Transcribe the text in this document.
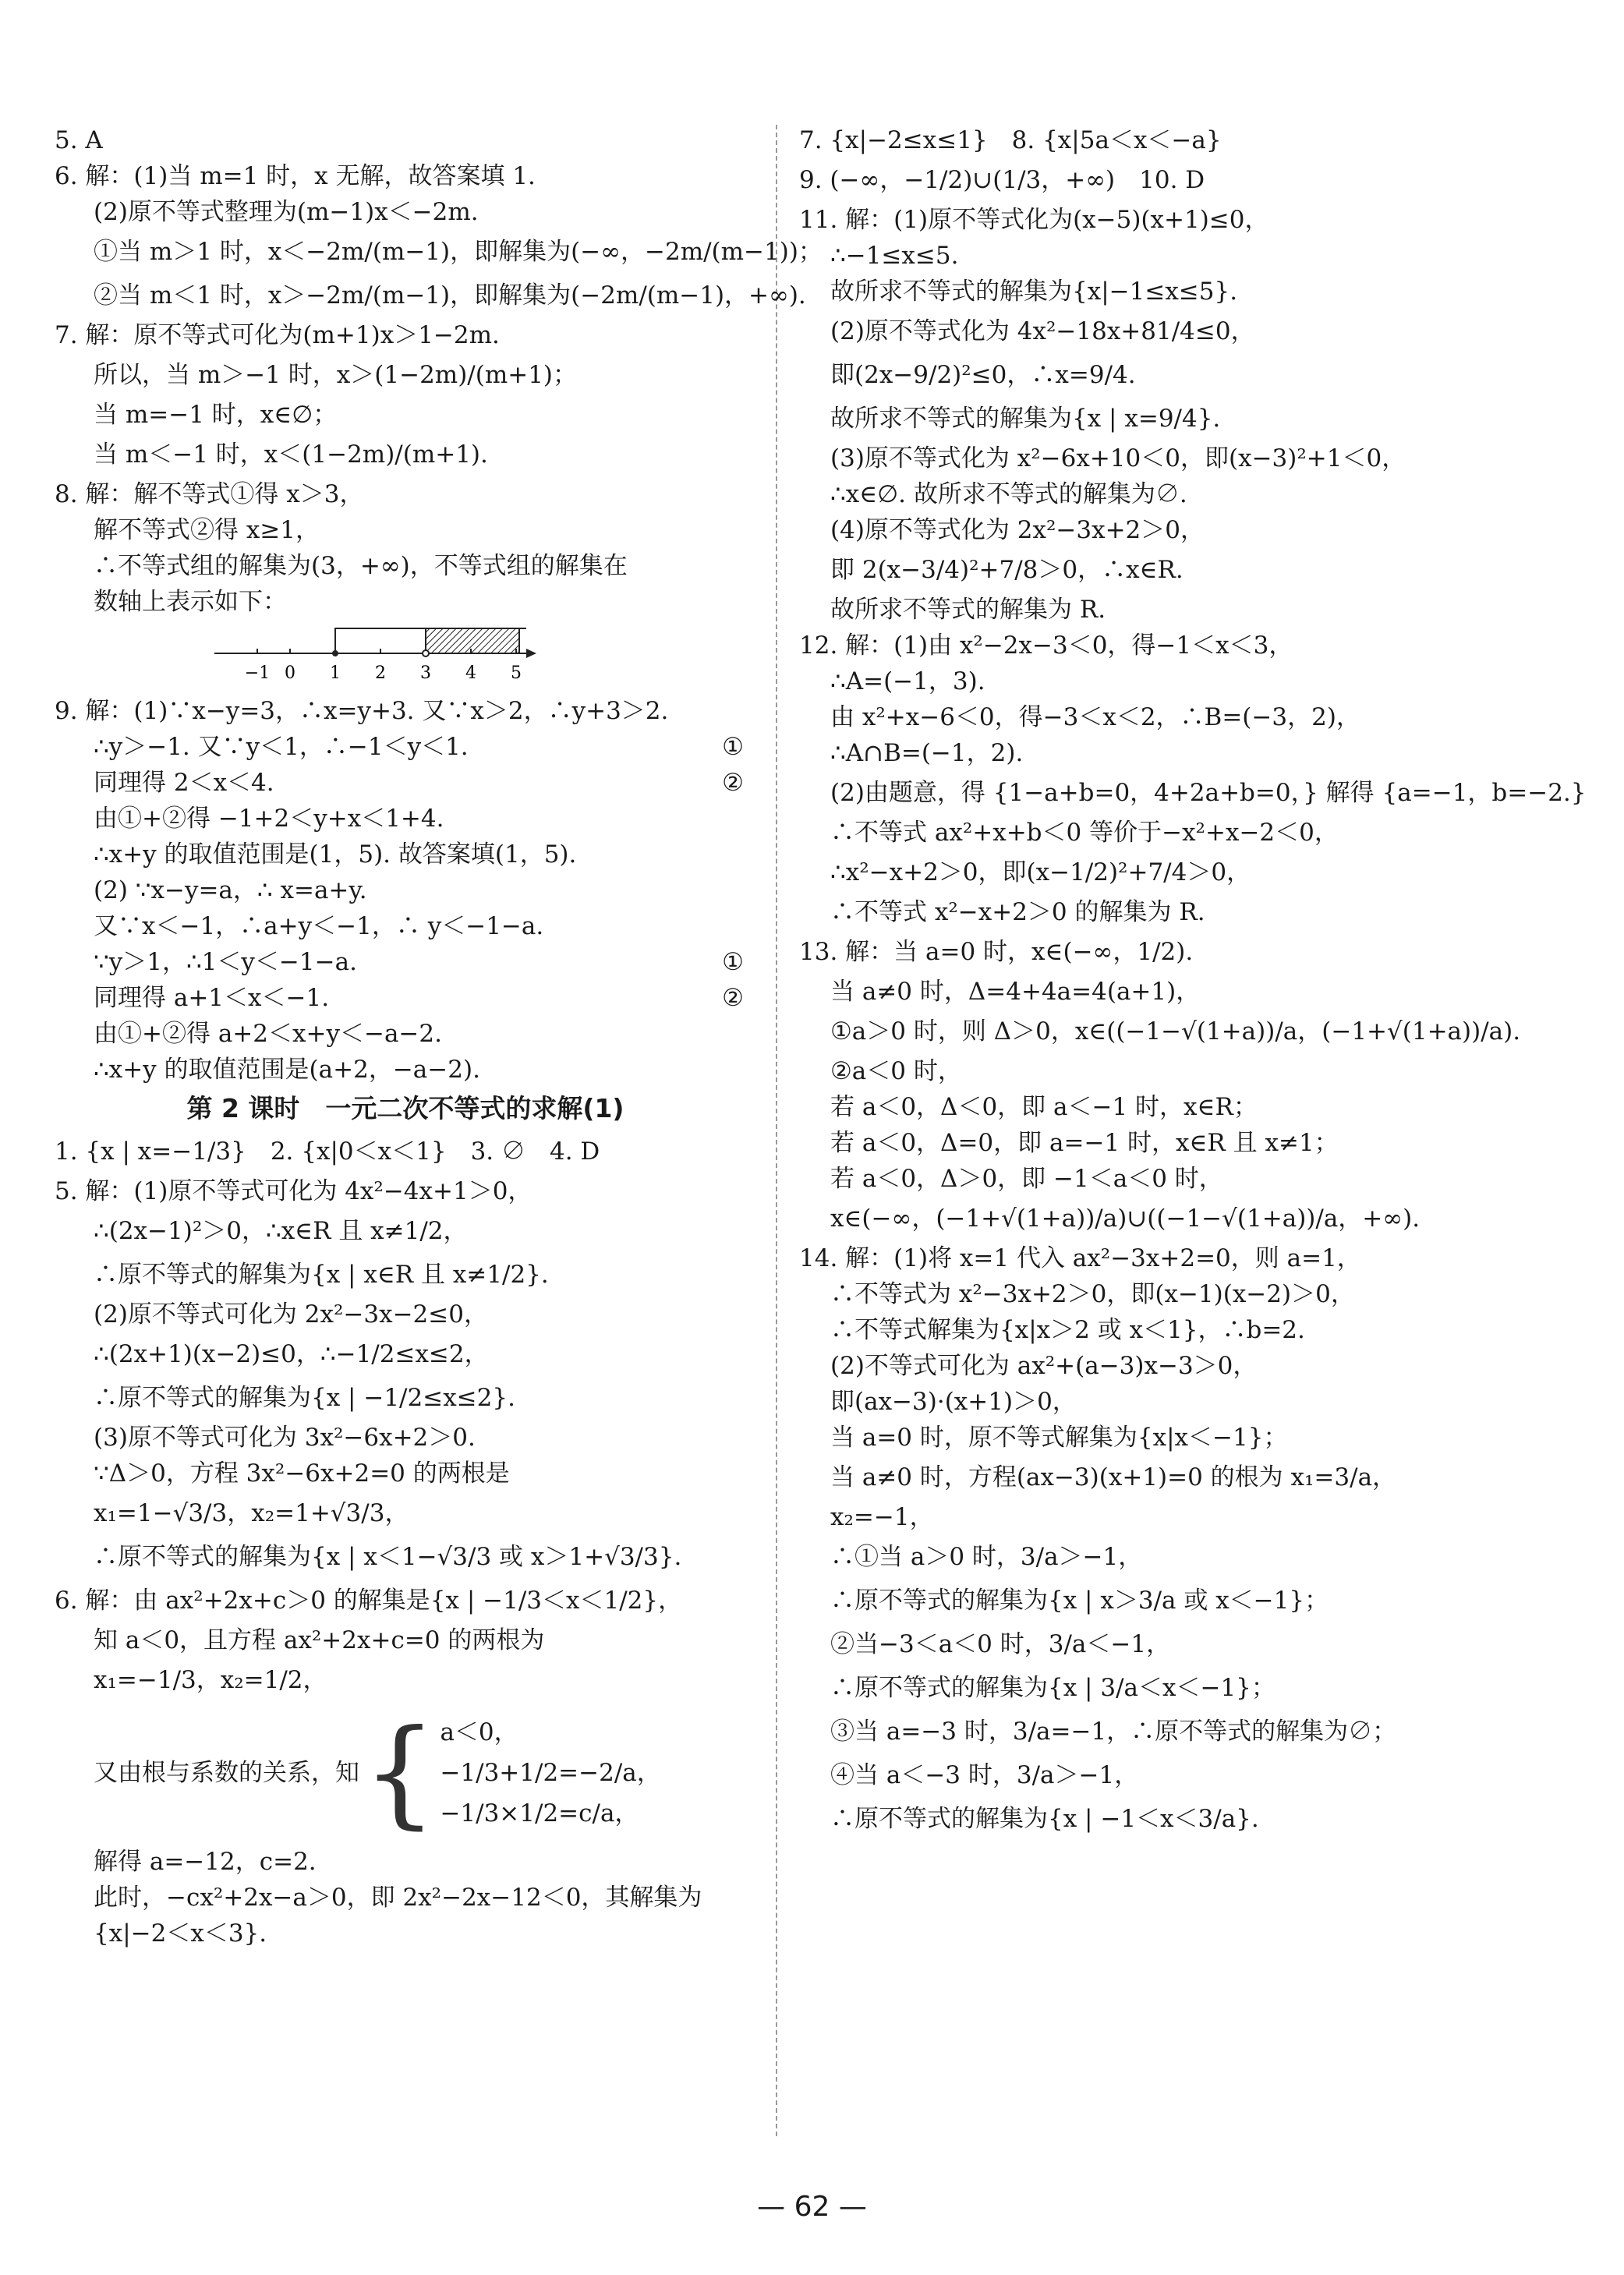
5. A
6. 解：(1)当 m=1 时，x 无解，故答案填 1.
(2)原不等式整理为(m−1)x＜−2m.
①当 m＞1 时，x＜−2m/(m−1)，即解集为(−∞，−2m/(m−1))；
②当 m＜1 时，x＞−2m/(m−1)，即解集为(−2m/(m−1)，+∞).
7. 解：原不等式可化为(m+1)x＞1−2m.
所以，当 m＞−1 时，x＞(1−2m)/(m+1)；
当 m=−1 时，x∈∅；
当 m＜−1 时，x＜(1−2m)/(m+1).
8. 解：解不等式①得 x＞3，
解不等式②得 x≥1，
∴不等式组的解集为(3，+∞)，不等式组的解集在
数轴上表示如下：
−1 0 1 2 3 4 5
9. 解：(1)∵x−y=3，∴x=y+3. 又∵x＞2，∴y+3＞2.
∴y＞−1. 又∵y＜1，∴−1＜y＜1.	①
同理得 2＜x＜4.	②
由①+②得 −1+2＜y+x＜1+4.
∴x+y 的取值范围是(1，5). 故答案填(1，5).
(2) ∵x−y=a，∴ x=a+y.
又∵x＜−1，∴a+y＜−1，∴ y＜−1−a.
∵y＞1，∴1＜y＜−1−a.	①
同理得 a+1＜x＜−1.	②
由①+②得 a+2＜x+y＜−a−2.
∴x+y 的取值范围是(a+2，−a−2).
第 2 课时　一元二次不等式的求解(1)
1. {x | x=−1/3}　2. {x|0＜x＜1}　3. ∅　4. D
5. 解：(1)原不等式可化为 4x²−4x+1＞0，
∴(2x−1)²＞0，∴x∈R 且 x≠1/2，
∴原不等式的解集为{x | x∈R 且 x≠1/2}.
(2)原不等式可化为 2x²−3x−2≤0，
∴(2x+1)(x−2)≤0，∴−1/2≤x≤2，
∴原不等式的解集为{x | −1/2≤x≤2}.
(3)原不等式可化为 3x²−6x+2＞0.
∵Δ＞0，方程 3x²−6x+2=0 的两根是
x₁=1−√3/3，x₂=1+√3/3，
∴原不等式的解集为{x | x＜1−√3/3 或 x＞1+√3/3}.
6. 解：由 ax²+2x+c＞0 的解集是{x | −1/3＜x＜1/2}，
知 a＜0，且方程 ax²+2x+c=0 的两根为
x₁=−1/3，x₂=1/2，
又由根与系数的关系，知 { a＜0，
−1/3+1/2=−2/a，
−1/3×1/2=c/a，
解得 a=−12，c=2.
此时，−cx²+2x−a＞0，即 2x²−2x−12＜0，其解集为
{x|−2＜x＜3}.
7. {x|−2≤x≤1}　8. {x|5a＜x＜−a}
9. (−∞，−1/2)∪(1/3，+∞)　10. D
11. 解：(1)原不等式化为(x−5)(x+1)≤0，
∴−1≤x≤5.
故所求不等式的解集为{x|−1≤x≤5}.
(2)原不等式化为 4x²−18x+81/4≤0，
即(2x−9/2)²≤0，∴x=9/4.
故所求不等式的解集为{x | x=9/4}.
(3)原不等式化为 x²−6x+10＜0，即(x−3)²+1＜0，
∴x∈∅. 故所求不等式的解集为∅.
(4)原不等式化为 2x²−3x+2＞0，
即 2(x−3/4)²+7/8＞0，∴x∈R.
故所求不等式的解集为 R.
12. 解：(1)由 x²−2x−3＜0，得−1＜x＜3，
∴A=(−1，3).
由 x²+x−6＜0，得−3＜x＜2，∴B=(−3，2)，
∴A∩B=(−1，2).
(2)由题意，得 {1−a+b=0，4+2a+b=0，} 解得 {a=−1，b=−2.}
∴不等式 ax²+x+b＜0 等价于−x²+x−2＜0，
∴x²−x+2＞0，即(x−1/2)²+7/4＞0，
∴不等式 x²−x+2＞0 的解集为 R.
13. 解：当 a=0 时，x∈(−∞，1/2).
当 a≠0 时，Δ=4+4a=4(a+1)，
①a＞0 时，则 Δ＞0，x∈((−1−√(1+a))/a，(−1+√(1+a))/a).
②a＜0 时，
若 a＜0，Δ＜0，即 a＜−1 时，x∈R；
若 a＜0，Δ=0，即 a=−1 时，x∈R 且 x≠1；
若 a＜0，Δ＞0，即 −1＜a＜0 时，
x∈(−∞，(−1+√(1+a))/a)∪((−1−√(1+a))/a，+∞).
14. 解：(1)将 x=1 代入 ax²−3x+2=0，则 a=1，
∴不等式为 x²−3x+2＞0，即(x−1)(x−2)＞0，
∴不等式解集为{x|x＞2 或 x＜1}，∴b=2.
(2)不等式可化为 ax²+(a−3)x−3＞0，
即(ax−3)·(x+1)＞0，
当 a=0 时，原不等式解集为{x|x＜−1}；
当 a≠0 时，方程(ax−3)(x+1)=0 的根为 x₁=3/a，
x₂=−1，
∴①当 a＞0 时，3/a＞−1，
∴原不等式的解集为{x | x＞3/a 或 x＜−1}；
②当−3＜a＜0 时，3/a＜−1，
∴原不等式的解集为{x | 3/a＜x＜−1}；
③当 a=−3 时，3/a=−1，∴原不等式的解集为∅；
④当 a＜−3 时，3/a＞−1，
∴原不等式的解集为{x | −1＜x＜3/a}.
— 62 —
